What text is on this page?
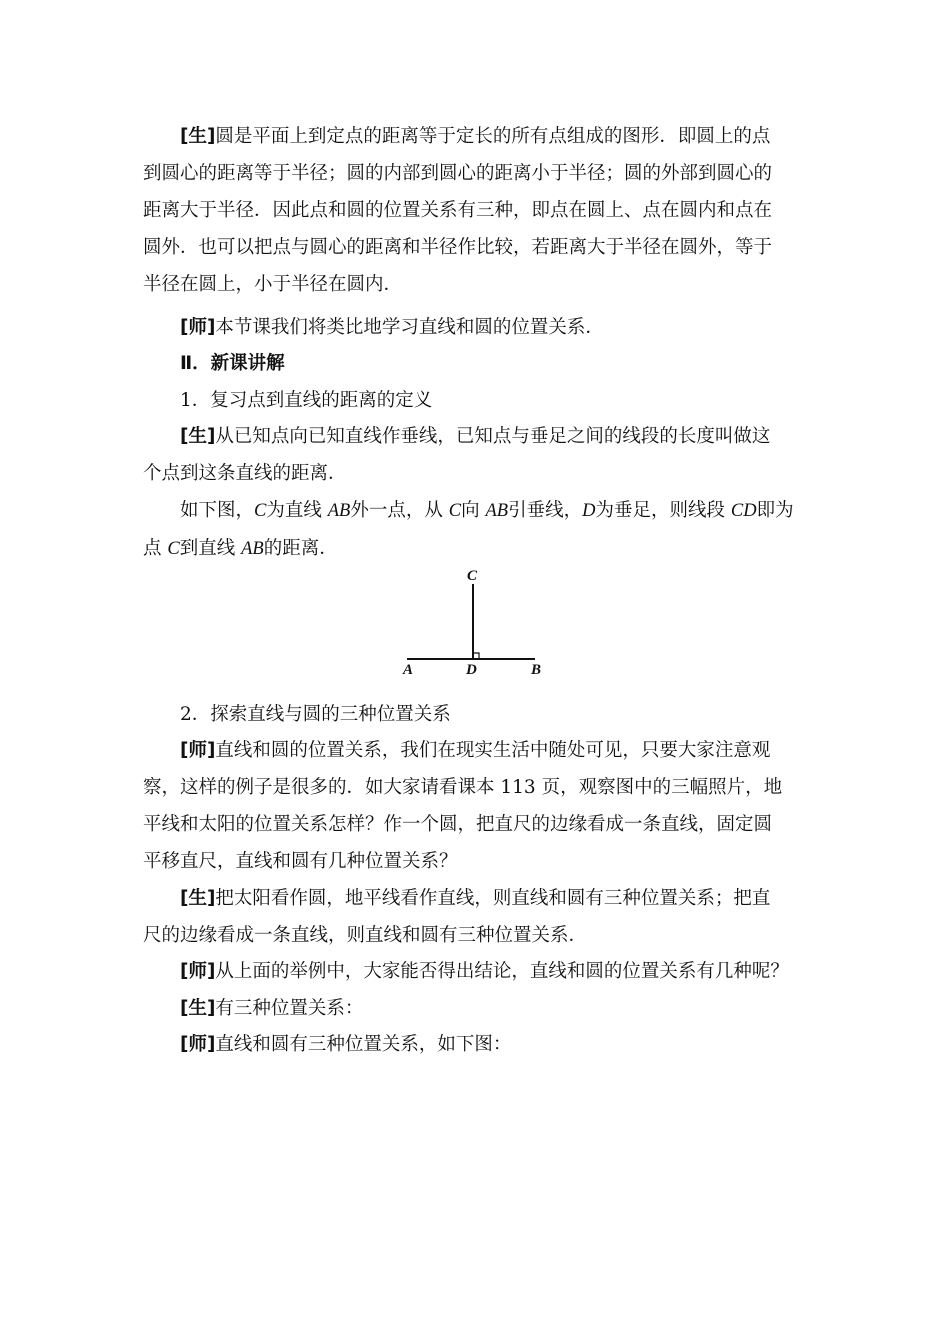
[生]圆是平面上到定点的距离等于定长的所有点组成的图形．即圆上的点
到圆心的距离等于半径；圆的内部到圆心的距离小于半径；圆的外部到圆心的
距离大于半径．因此点和圆的位置关系有三种，即点在圆上、点在圆内和点在
圆外．也可以把点与圆心的距离和半径作比较，若距离大于半径在圆外，等于
半径在圆上，小于半径在圆内．
[师]本节课我们将类比地学习直线和圆的位置关系．
Ⅱ．新课讲解
1．复习点到直线的距离的定义
[生]从已知点向已知直线作垂线，已知点与垂足之间的线段的长度叫做这
个点到这条直线的距离．
如下图，C为直线 AB外一点，从 C向 AB引垂线，D为垂足，则线段 CD即为
点 C到直线 AB的距离．
C
A	D	B
2．探索直线与圆的三种位置关系
[师]直线和圆的位置关系，我们在现实生活中随处可见，只要大家注意观
察，这样的例子是很多的．如大家请看课本 113 页，观察图中的三幅照片，地
平线和太阳的位置关系怎样？作一个圆，把直尺的边缘看成一条直线，固定圆
平移直尺，直线和圆有几种位置关系？
[生]把太阳看作圆，地平线看作直线，则直线和圆有三种位置关系；把直
尺的边缘看成一条直线，则直线和圆有三种位置关系．
[师]从上面的举例中，大家能否得出结论，直线和圆的位置关系有几种呢？
[生]有三种位置关系：
[师]直线和圆有三种位置关系，如下图：
